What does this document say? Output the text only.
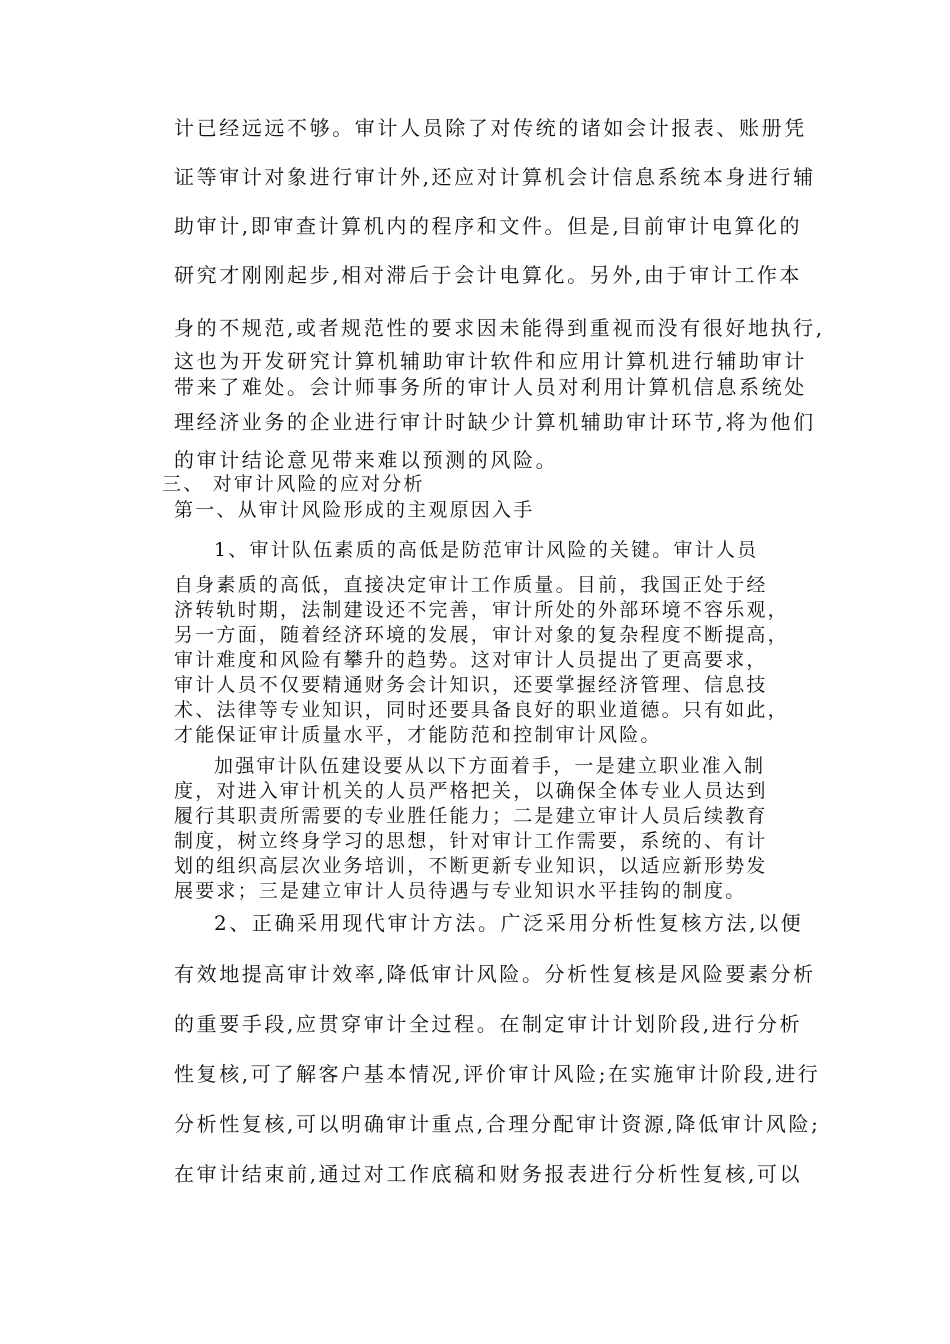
计已经远远不够。审计人员除了对传统的诸如会计报表、账册凭
证等审计对象进行审计外,还应对计算机会计信息系统本身进行辅
助审计,即审查计算机内的程序和文件。但是,目前审计电算化的
研究才刚刚起步,相对滞后于会计电算化。另外,由于审计工作本
身的不规范,或者规范性的要求因未能得到重视而没有很好地执行,
这也为开发研究计算机辅助审计软件和应用计算机进行辅助审计
带来了难处。会计师事务所的审计人员对利用计算机信息系统处
理经济业务的企业进行审计时缺少计算机辅助审计环节,将为他们
的审计结论意见带来难以预测的风险。
三、 对审计风险的应对分析
第一、从审计风险形成的主观原因入手
1、审计队伍素质的高低是防范审计风险的关键。审计人员
自身素质的高低，直接决定审计工作质量。目前，我国正处于经
济转轨时期，法制建设还不完善，审计所处的外部环境不容乐观，
另一方面，随着经济环境的发展，审计对象的复杂程度不断提高，
审计难度和风险有攀升的趋势。这对审计人员提出了更高要求，
审计人员不仅要精通财务会计知识，还要掌握经济管理、信息技
术、法律等专业知识，同时还要具备良好的职业道德。只有如此，
才能保证审计质量水平，才能防范和控制审计风险。
加强审计队伍建设要从以下方面着手，一是建立职业准入制
度，对进入审计机关的人员严格把关，以确保全体专业人员达到
履行其职责所需要的专业胜任能力；二是建立审计人员后续教育
制度，树立终身学习的思想，针对审计工作需要，系统的、有计
划的组织高层次业务培训，不断更新专业知识，以适应新形势发
展要求；三是建立审计人员待遇与专业知识水平挂钩的制度。
2、正确采用现代审计方法。广泛采用分析性复核方法,以便
有效地提高审计效率,降低审计风险。分析性复核是风险要素分析
的重要手段,应贯穿审计全过程。在制定审计计划阶段,进行分析
性复核,可了解客户基本情况,评价审计风险;在实施审计阶段,进行
分析性复核,可以明确审计重点,合理分配审计资源,降低审计风险;
在审计结束前,通过对工作底稿和财务报表进行分析性复核,可以
